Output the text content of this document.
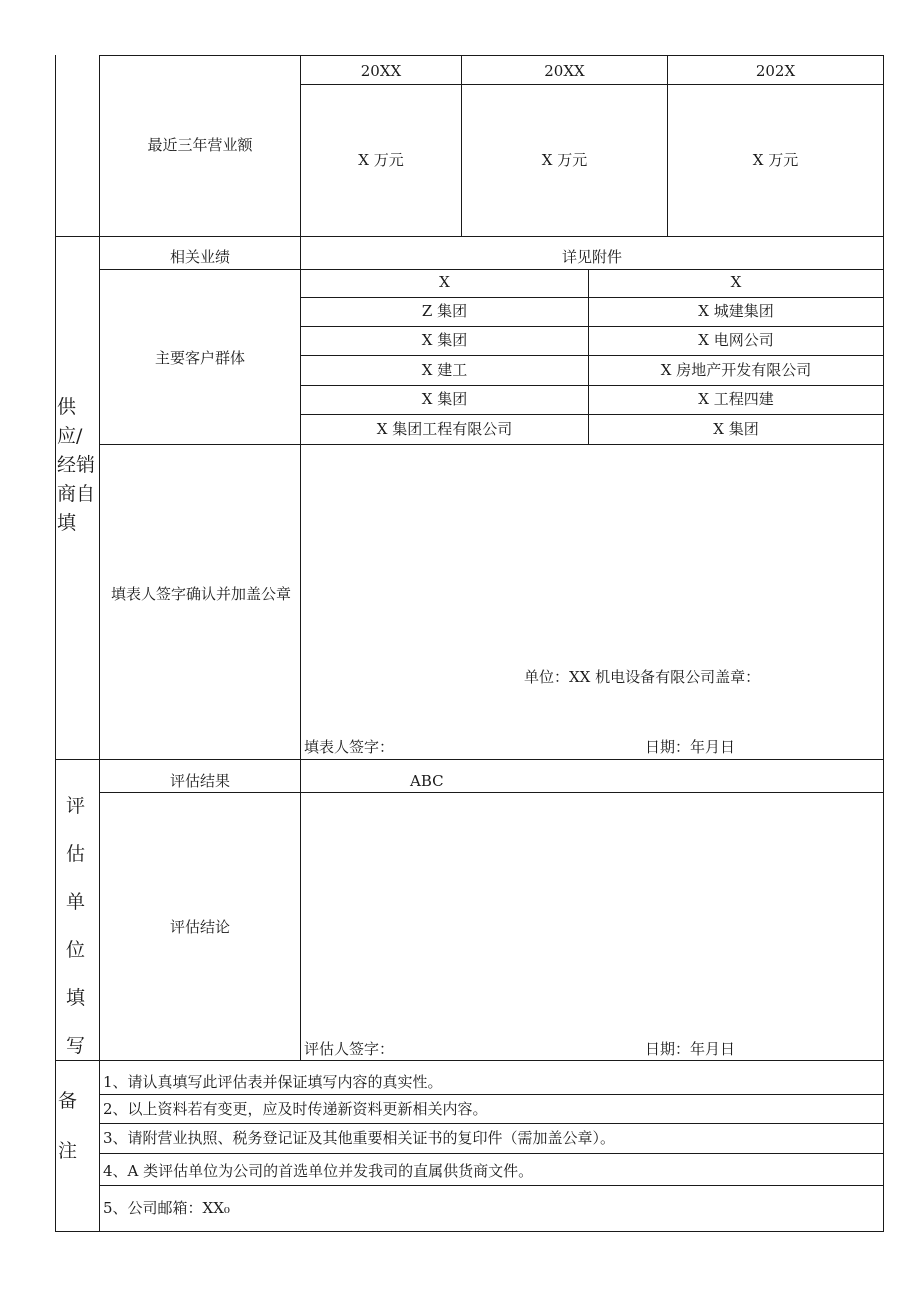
最近三年营业额
20XX	20XX	202X
X 万元	X 万元	X 万元
供应/经销商自填
相关业绩	详见附件
主要客户群体
X	X
Z 集团	X 城建集团
X 集团	X 电网公司
X 建工	X 房地产开发有限公司
X 集团	X 工程四建
X 集团工程有限公司	X 集团
填表人签字确认并加盖公章
单位：XX 机电设备有限公司盖章：
填表人签字：	日期：年月日
评估单位填写
评估结果	ABC
评估结论
评估人签字：	日期：年月日
备注
1、请认真填写此评估表并保证填写内容的真实性。
2、以上资料若有变更，应及时传递新资料更新相关内容。
3、请附营业执照、税务登记证及其他重要相关证书的复印件（需加盖公章）。
4、A 类评估单位为公司的首选单位并发我司的直属供货商文件。
5、公司邮箱：XX₀
